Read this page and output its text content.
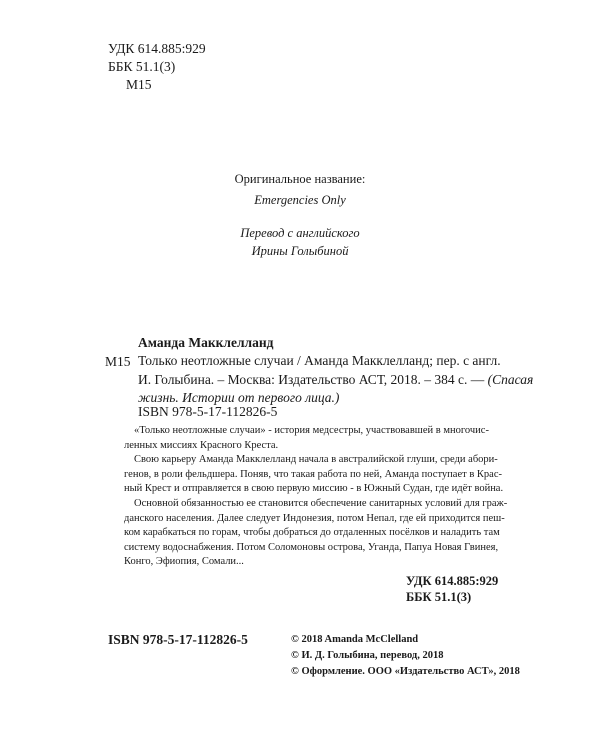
УДК 614.885:929
ББК 51.1(3)
М15
Оригинальное название:
Emergencies Only
Перевод с английского
Ирины Голыбиной
Аманда Макклелланд
М15 Только неотложные случаи / Аманда Макклелланд; пер. с англ.
И. Голыбина. – Москва: Издательство АСТ, 2018. – 384 с. — (Спасая
жизнь. Истории от первого лица.)
ISBN 978-5-17-112826-5
«Только неотложные случаи» - история медсестры, участвовавшей в многочис-
ленных миссиях Красного Креста.
Свою карьеру Аманда Макклелланд начала в австралийской глуши, среди абори-
генов, в роли фельдшера. Поняв, что такая работа по ней, Аманда поступает в Крас-
ный Крест и отправляется в свою первую миссию - в Южный Судан, где идёт война.
Основной обязанностью ее становится обеспечение санитарных условий для граж-
данского населения. Далее следует Индонезия, потом Непал, где ей приходится пеш-
ком карабкаться по горам, чтобы добраться до отдаленных посёлков и наладить там
систему водоснабжения. Потом Соломоновы острова, Уганда, Папуа Новая Гвинея,
Конго, Эфиопия, Сомали...
УДК 614.885:929
ББК 51.1(3)
ISBN 978-5-17-112826-5	© 2018 Amanda McClelland
© И. Д. Голыбина, перевод, 2018
© Оформление. ООО «Издательство АСТ», 2018
